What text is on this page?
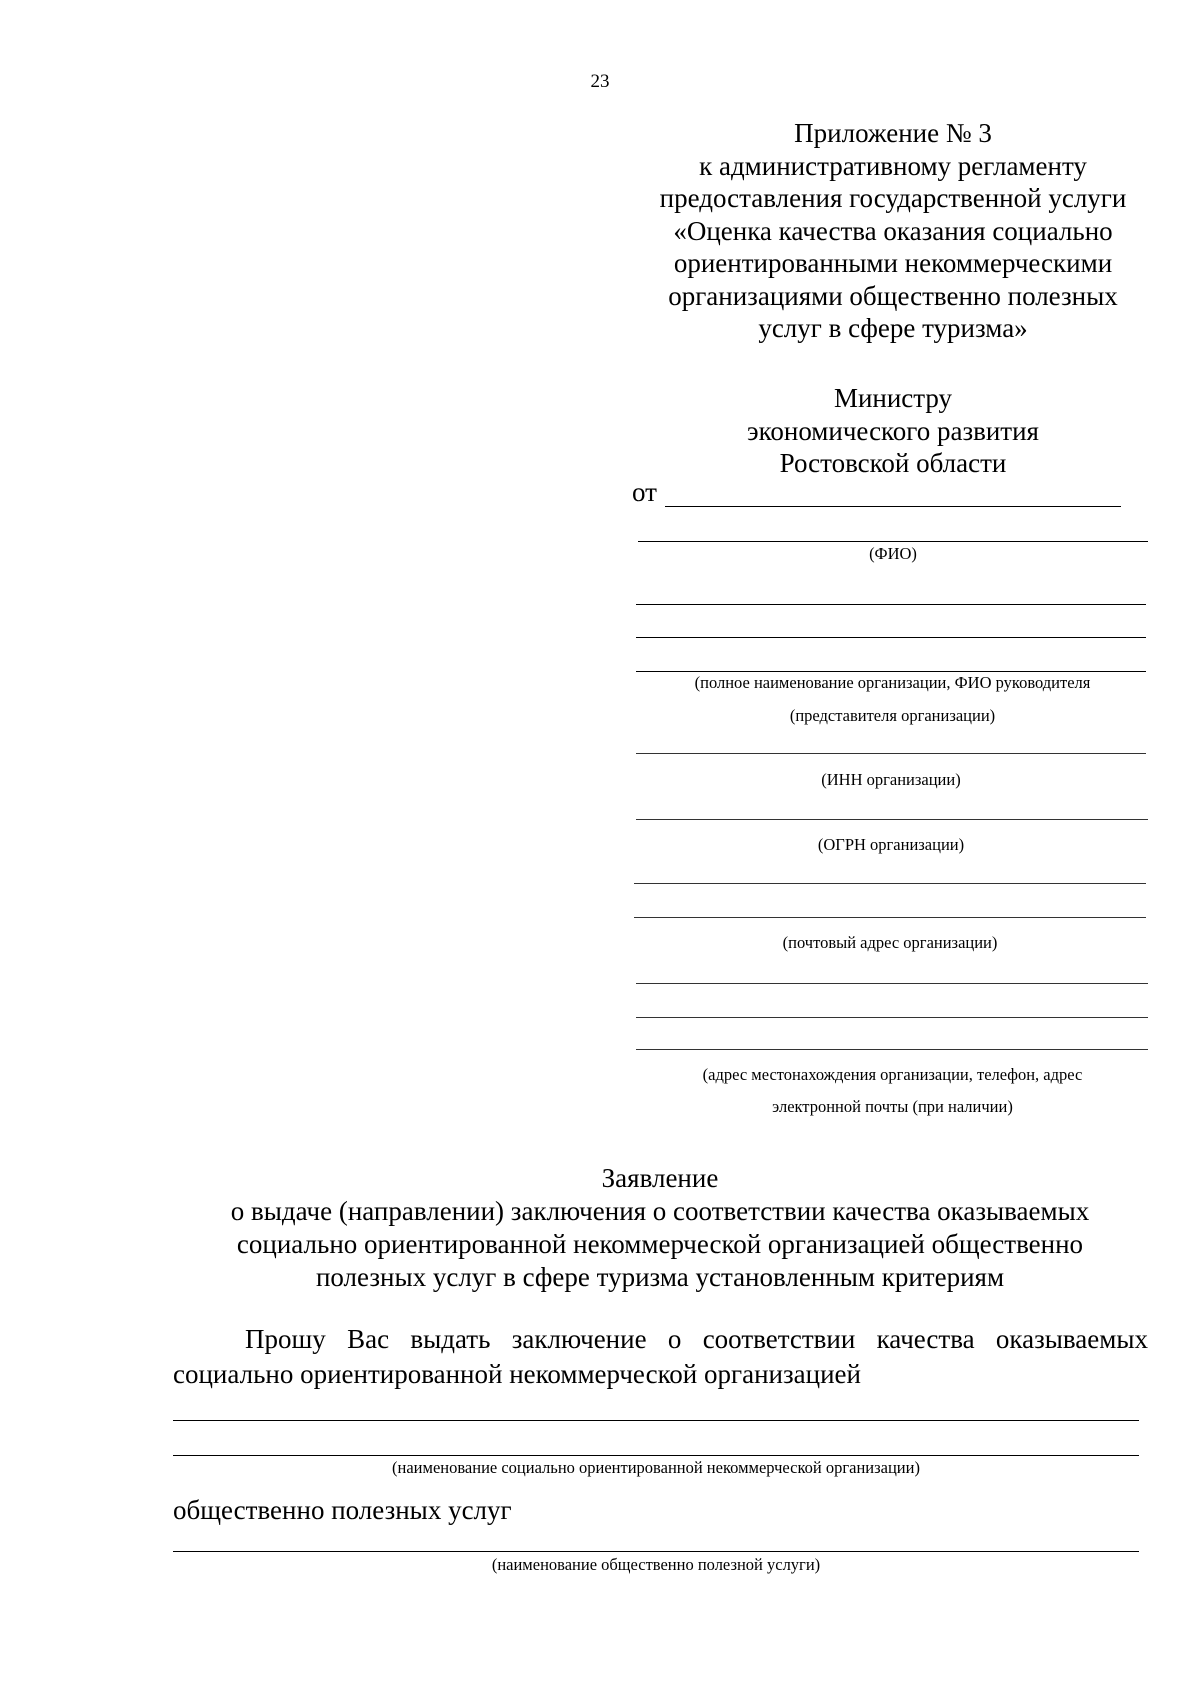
23
Приложение № 3
к административному регламенту
предоставления государственной услуги
«Оценка качества оказания социально
ориентированными некоммерческими
организациями общественно полезных
услуг в сфере туризма»
Министру
экономического развития
Ростовской области
от
(ФИО)
(полное наименование организации, ФИО руководителя
(представителя организации)
(ИНН организации)
(ОГРН организации)
(почтовый адрес организации)
(адрес местонахождения организации, телефон, адрес
электронной почты (при наличии)
Заявление
о выдаче (направлении) заключения о соответствии качества оказываемых
социально ориентированной некоммерческой организацией общественно
полезных услуг в сфере туризма установленным критериям
Прошу Вас выдать заключение о соответствии качества оказываемых
социально ориентированной некоммерческой организацией
(наименование социально ориентированной некоммерческой организации)
общественно полезных услуг
(наименование общественно полезной услуги)
